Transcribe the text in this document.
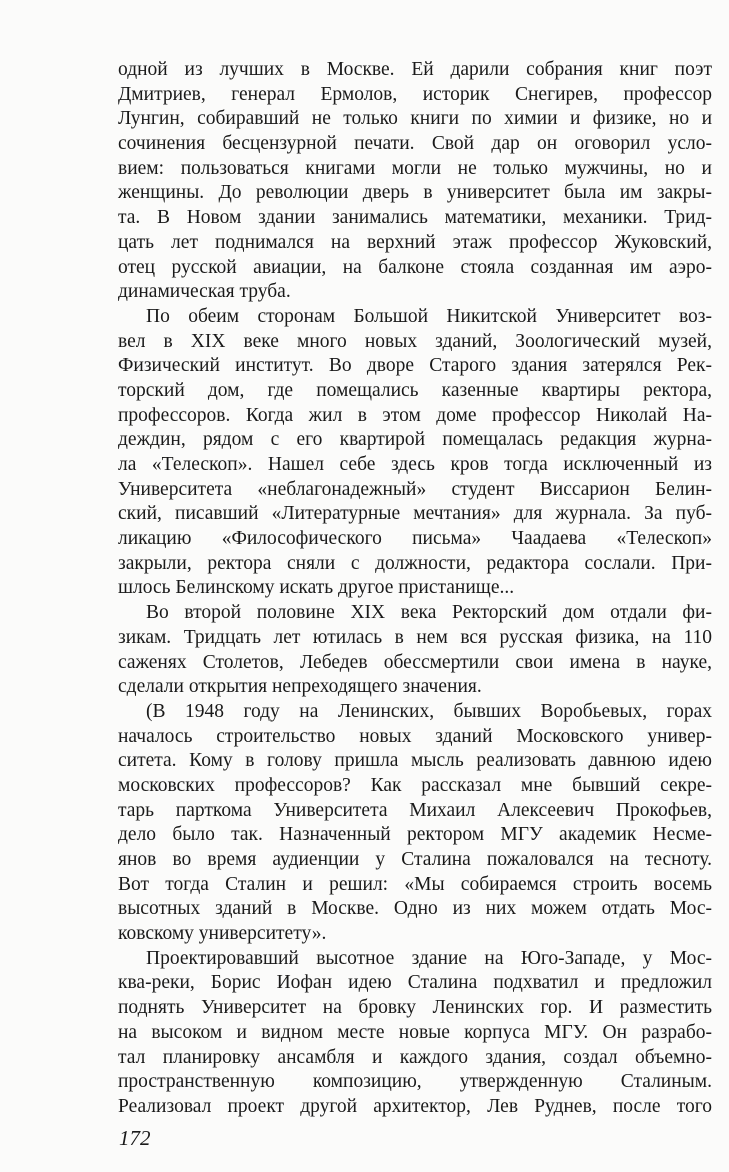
одной из лучших в Москве. Ей дарили собрания книг поэт
Дмитриев, генерал Ермолов, историк Снегирев, профессор
Лунгин, собиравший не только книги по химии и физике, но и
сочинения бесцензурной печати. Свой дар он оговорил усло-
вием: пользоваться книгами могли не только мужчины, но и
женщины. До революции дверь в университет была им закры-
та. В Новом здании занимались математики, механики. Трид-
цать лет поднимался на верхний этаж профессор Жуковский,
отец русской авиации, на балконе стояла созданная им аэро-
динамическая труба.
По обеим сторонам Большой Никитской Университет воз-
вел в XIX веке много новых зданий, Зоологический музей,
Физический институт. Во дворе Старого здания затерялся Рек-
торский дом, где помещались казенные квартиры ректора,
профессоров. Когда жил в этом доме профессор Николай На-
деждин, рядом с его квартирой помещалась редакция журна-
ла «Телескоп». Нашел себе здесь кров тогда исключенный из
Университета «неблагонадежный» студент Виссарион Белин-
ский, писавший «Литературные мечтания» для журнала. За пуб-
ликацию «Философического письма» Чаадаева «Телескоп»
закрыли, ректора сняли с должности, редактора сослали. При-
шлось Белинскому искать другое пристанище...
Во второй половине XIX века Ректорский дом отдали фи-
зикам. Тридцать лет ютилась в нем вся русская физика, на 110
саженях Столетов, Лебедев обессмертили свои имена в науке,
сделали открытия непреходящего значения.
(В 1948 году на Ленинских, бывших Воробьевых, горах
началось строительство новых зданий Московского универ-
ситета. Кому в голову пришла мысль реализовать давнюю идею
московских профессоров? Как рассказал мне бывший секре-
тарь парткома Университета Михаил Алексеевич Прокофьев,
дело было так. Назначенный ректором МГУ академик Несме-
янов во время аудиенции у Сталина пожаловался на тесноту.
Вот тогда Сталин и решил: «Мы собираемся строить восемь
высотных зданий в Москве. Одно из них можем отдать Мос-
ковскому университету».
Проектировавший высотное здание на Юго-Западе, у Мос-
ква-реки, Борис Иофан идею Сталина подхватил и предложил
поднять Университет на бровку Ленинских гор. И разместить
на высоком и видном месте новые корпуса МГУ. Он разрабо-
тал планировку ансамбля и каждого здания, создал объемно-
пространственную композицию, утвержденную Сталиным.
Реализовал проект другой архитектор, Лев Руднев, после того
172
